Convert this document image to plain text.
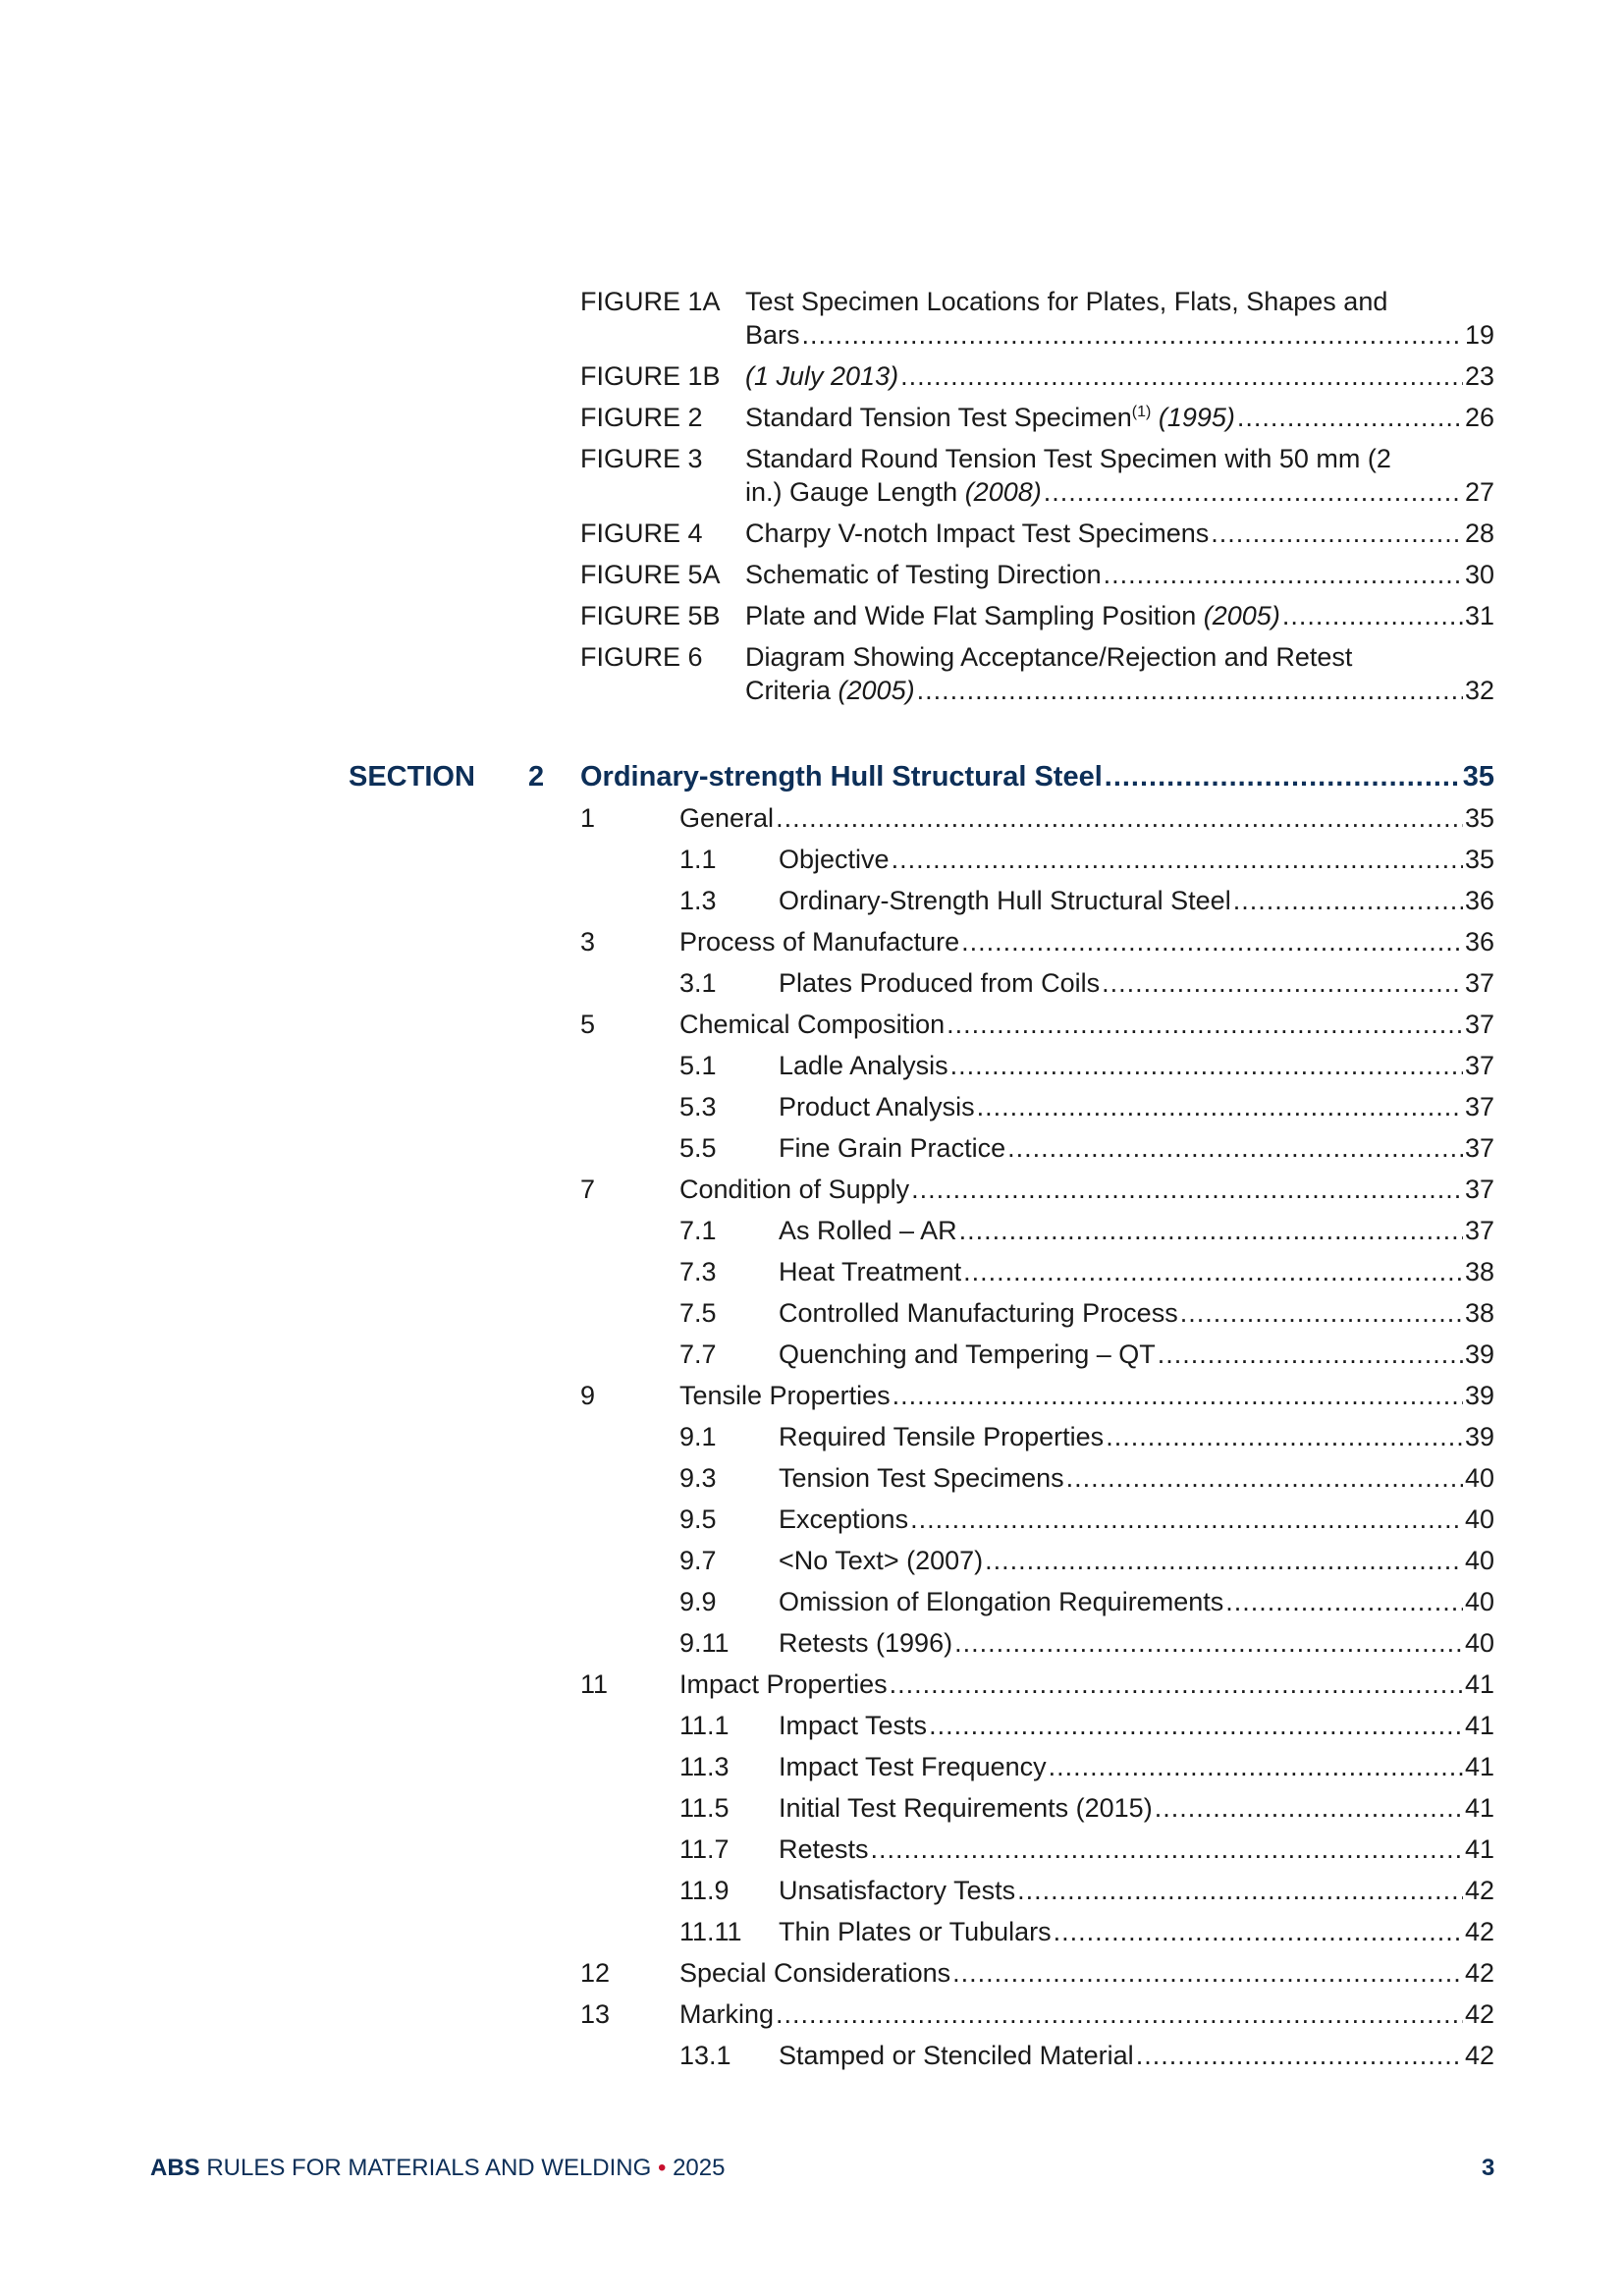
FIGURE 1A Test Specimen Locations for Plates, Flats, Shapes and
Bars .....	19
FIGURE 1B (1 July 2013) .....	23
FIGURE 2 Standard Tension Test Specimen$^{(1)}$ (1995) .....	26
FIGURE 3 Standard Round Tension Test Specimen with 50 mm (2
in.) Gauge Length (2008) .....	27
FIGURE 4 Charpy V-notch Impact Test Specimens .....	28
FIGURE 5A Schematic of Testing Direction .....	30
FIGURE 5B Plate and Wide Flat Sampling Position (2005) .....	31
FIGURE 6 Diagram Showing Acceptance/Rejection and Retest
Criteria (2005) .....	32
SECTION 2 Ordinary-strength Hull Structural Steel .....	35
1	General .....	35
1.1 Objective .....	35
1.3 Ordinary-Strength Hull Structural Steel .....	36
3	Process of Manufacture .....	36
3.1 Plates Produced from Coils .....	37
5	Chemical Composition .....	37
5.1 Ladle Analysis .....	37
5.3 Product Analysis .....	37
5.5 Fine Grain Practice .....	37
7	Condition of Supply .....	37
7.1 As Rolled – AR .....	37
7.3 Heat Treatment .....	38
7.5 Controlled Manufacturing Process .....	38
7.7 Quenching and Tempering – QT .....	39
9	Tensile Properties .....	39
9.1 Required Tensile Properties .....	39
9.3 Tension Test Specimens .....	40
9.5 Exceptions .....	40
9.7 <No Text> (2007) .....	40
9.9 Omission of Elongation Requirements .....	40
9.11 Retests (1996) .....	40
11	Impact Properties .....	41
11.1 Impact Tests .....	41
11.3 Impact Test Frequency .....	41
11.5 Initial Test Requirements (2015) .....	41
11.7 Retests .....	41
11.9 Unsatisfactory Tests .....	42
11.11 Thin Plates or Tubulars .....	42
12	Special Considerations .....	42
13	Marking .....	42
13.1 Stamped or Stenciled Material .....	42
ABS RULES FOR MATERIALS AND WELDING • 2025	3
